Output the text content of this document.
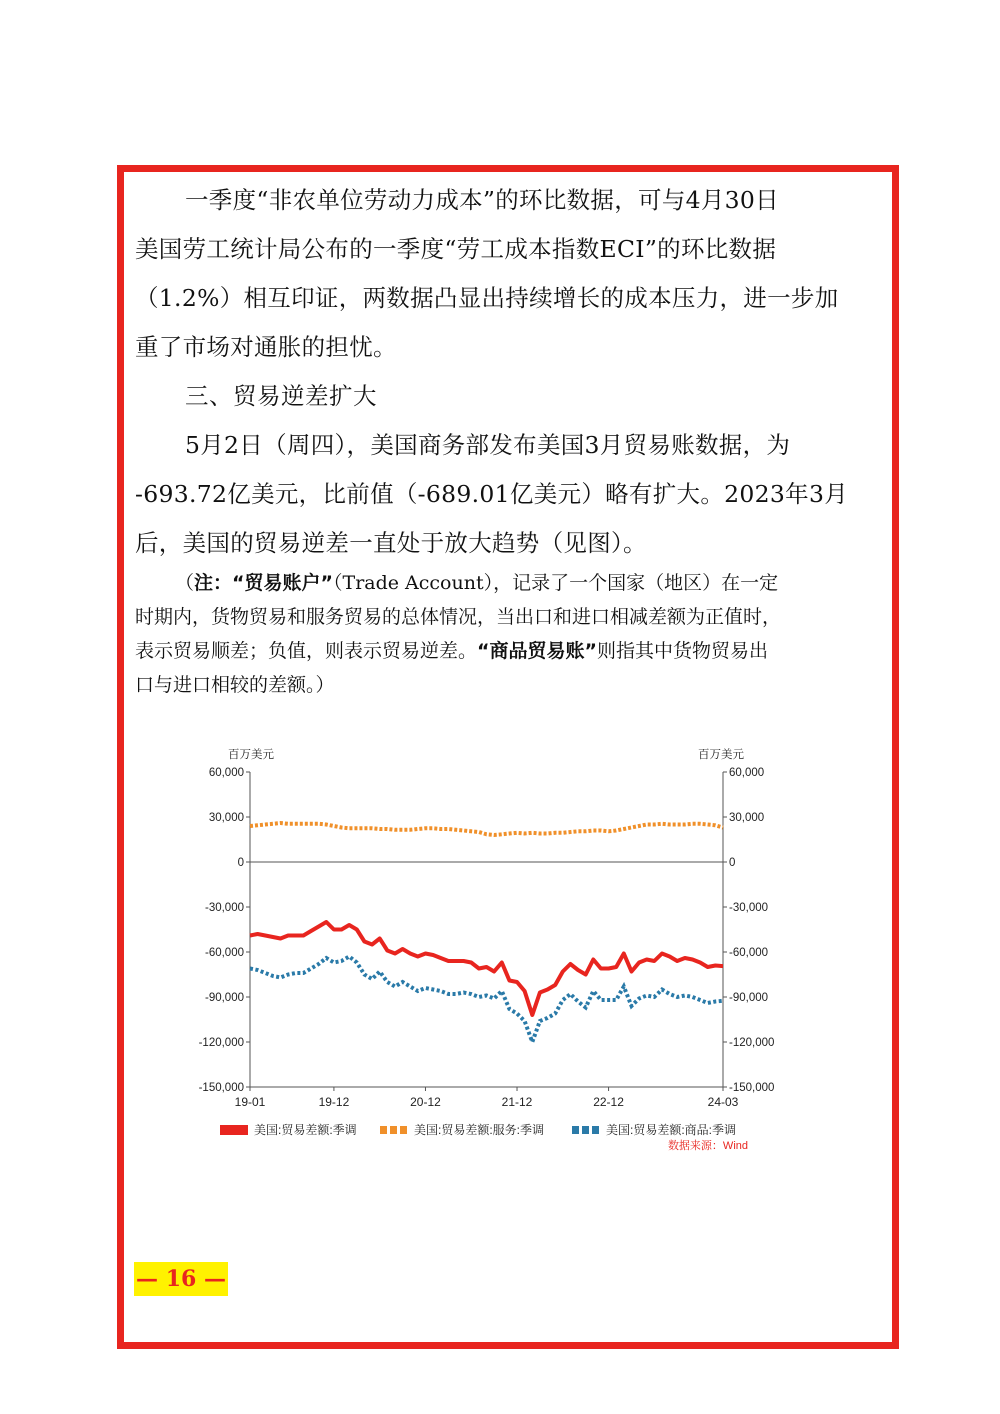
一季度“非农单位劳动力成本”的环比数据，可与4月30日
美国劳工统计局公布的一季度“劳工成本指数ECI”的环比数据
（1.2%）相互印证，两数据凸显出持续增长的成本压力，进一步加
重了市场对通胀的担忧。
三、贸易逆差扩大
5月2日（周四），美国商务部发布美国3月贸易账数据，为
-693.72亿美元，比前值（-689.01亿美元）略有扩大。2023年3月
后，美国的贸易逆差一直处于放大趋势（见图）。
（注：“贸易账户”（Trade Account），记录了一个国家（地区）在一定
时期内，货物贸易和服务贸易的总体情况，当出口和进口相减差额为正值时，
表示贸易顺差；负值，则表示贸易逆差。“商品贸易账”则指其中货物贸易出
口与进口相较的差额。）
百万美元	百万美元
60,000	60,000
30,000	30,000
0	0
-30,000	-30,000
-60,000	-60,000
-90,000	-90,000
-120,000	-120,000
-150,000	-150,000
19-01	19-12	20-12	21-12	22-12	24-03
美国:贸易差额:季调	美国:贸易差额:服务:季调	美国:贸易差额:商品:季调
数据来源：Wind
— 16 —
